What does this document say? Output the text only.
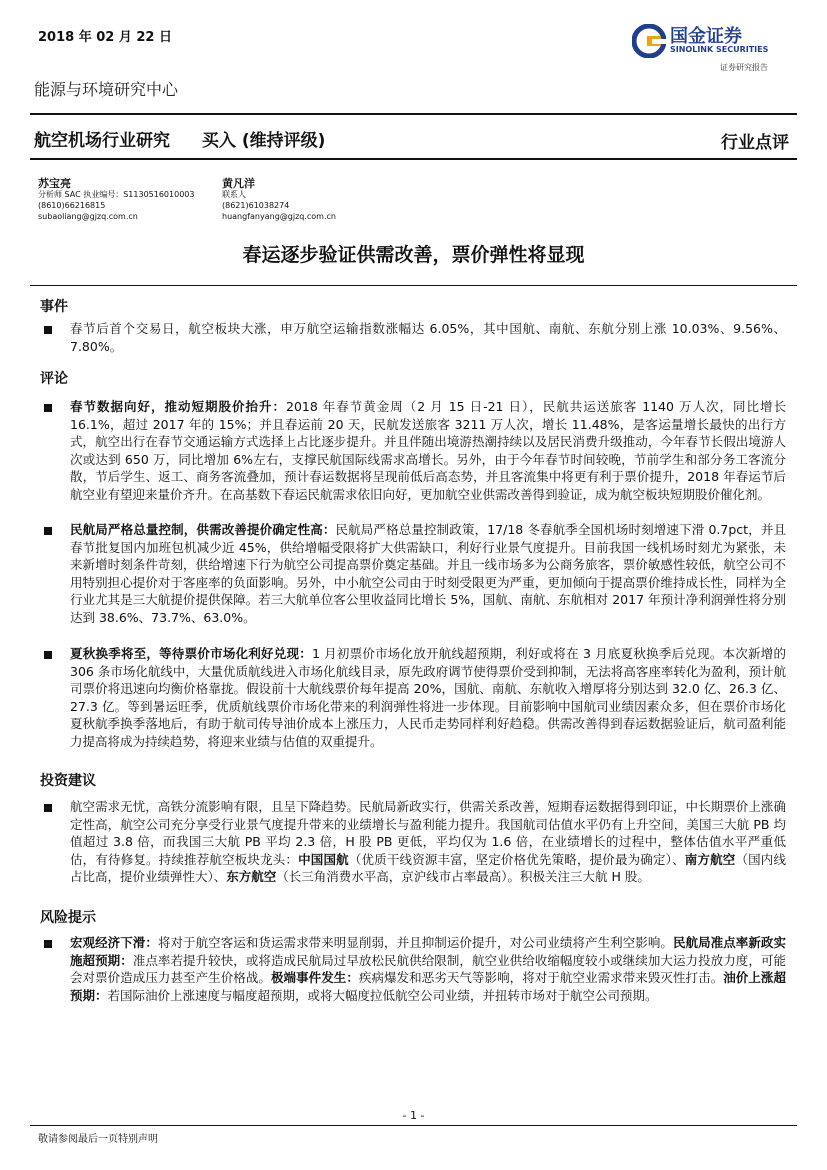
2018 年 02 月 22 日	国金证券
SINOLINK SECURITIES
证券研究报告
能源与环境研究中心
航空机场行业研究 买入 (维持评级)	行业点评
苏宝亮
分析师 SAC 执业编号：S1130516010003
(8610)66216815
subaoliang@gjzq.com.cn
黄凡洋
联系人
(8621)61038274
huangfanyang@gjzq.com.cn
春运逐步验证供需改善，票价弹性将显现
事件
春节后首个交易日，航空板块大涨，申万航空运输指数涨幅达 6.05%，其中国航、南航、东航分别上涨 10.03%、9.56%、7.80%。
评论
春节数据向好，推动短期股价抬升：2018 年春节黄金周（2 月 15 日-21 日），民航共运送旅客 1140 万人次，同比增长 16.1%，超过 2017 年的 15%；并且春运前 20 天，民航发送旅客 3211 万人次，增长 11.48%，是客运量增长最快的出行方式，航空出行在春节交通运输方式选择上占比逐步提升。并且伴随出境游热潮持续以及居民消费升级推动，今年春节长假出境游人次或达到 650 万，同比增加 6%左右，支撑民航国际线需求高增长。另外，由于今年春节时间较晚，节前学生和部分务工客流分散，节后学生、返工、商务客流叠加，预计春运数据将呈现前低后高态势，并且客流集中将更有利于票价提升，2018 年春运节后航空业有望迎来量价齐升。在高基数下春运民航需求依旧向好，更加航空业供需改善得到验证，成为航空板块短期股价催化剂。
民航局严格总量控制，供需改善提价确定性高：民航局严格总量控制政策，17/18 冬春航季全国机场时刻增速下滑 0.7pct，并且春节批复国内加班包机减少近 45%，供给增幅受限将扩大供需缺口，利好行业景气度提升。目前我国一线机场时刻尤为紧张，未来新增时刻条件苛刻，供给增速下行为航空公司提高票价奠定基础。并且一线市场多为公商务旅客，票价敏感性较低，航空公司不用特别担心提价对于客座率的负面影响。另外，中小航空公司由于时刻受限更为严重，更加倾向于提高票价维持成长性，同样为全行业尤其是三大航提价提供保障。若三大航单位客公里收益同比增长 5%，国航、南航、东航相对 2017 年预计净利润弹性将分别达到 38.6%、73.7%、63.0%。
夏秋换季将至，等待票价市场化利好兑现：1 月初票价市场化放开航线超预期，利好或将在 3 月底夏秋换季后兑现。本次新增的 306 条市场化航线中，大量优质航线进入市场化航线目录，原先政府调节使得票价受到抑制，无法将高客座率转化为盈利，预计航司票价将迅速向均衡价格靠拢。假设前十大航线票价每年提高 20%，国航、南航、东航收入增厚将分别达到 32.0 亿、26.3 亿、27.3 亿。等到暑运旺季，优质航线票价市场化带来的利润弹性将进一步体现。目前影响中国航司业绩因素众多，但在票价市场化夏秋航季换季落地后，有助于航司传导油价成本上涨压力，人民币走势同样利好趋稳。供需改善得到春运数据验证后，航司盈利能力提高将成为持续趋势，将迎来业绩与估值的双重提升。
投资建议
航空需求无忧，高铁分流影响有限，且呈下降趋势。民航局新政实行，供需关系改善，短期春运数据得到印证，中长期票价上涨确定性高，航空公司充分享受行业景气度提升带来的业绩增长与盈利能力提升。我国航司估值水平仍有上升空间，美国三大航 PB 均值超过 3.8 倍，而我国三大航 PB 平均 2.3 倍，H 股 PB 更低，平均仅为 1.6 倍，在业绩增长的过程中，整体估值水平严重低估，有待修复。持续推荐航空板块龙头：中国国航（优质干线资源丰富，坚定价格优先策略，提价最为确定）、南方航空（国内线占比高，提价业绩弹性大）、东方航空（长三角消费水平高，京沪线市占率最高）。积极关注三大航 H 股。
风险提示
宏观经济下滑：将对于航空客运和货运需求带来明显削弱，并且抑制运价提升，对公司业绩将产生利空影响。民航局准点率新政实施超预期：准点率若提升较快，或将造成民航局过早放松民航供给限制，航空业供给收缩幅度较小或继续加大运力投放力度，可能会对票价造成压力甚至产生价格战。极端事件发生：疾病爆发和恶劣天气等影响，将对于航空业需求带来毁灭性打击。油价上涨超预期：若国际油价上涨速度与幅度超预期，或将大幅度拉低航空公司业绩，并扭转市场对于航空公司预期。
- 1 -
敬请参阅最后一页特别声明
